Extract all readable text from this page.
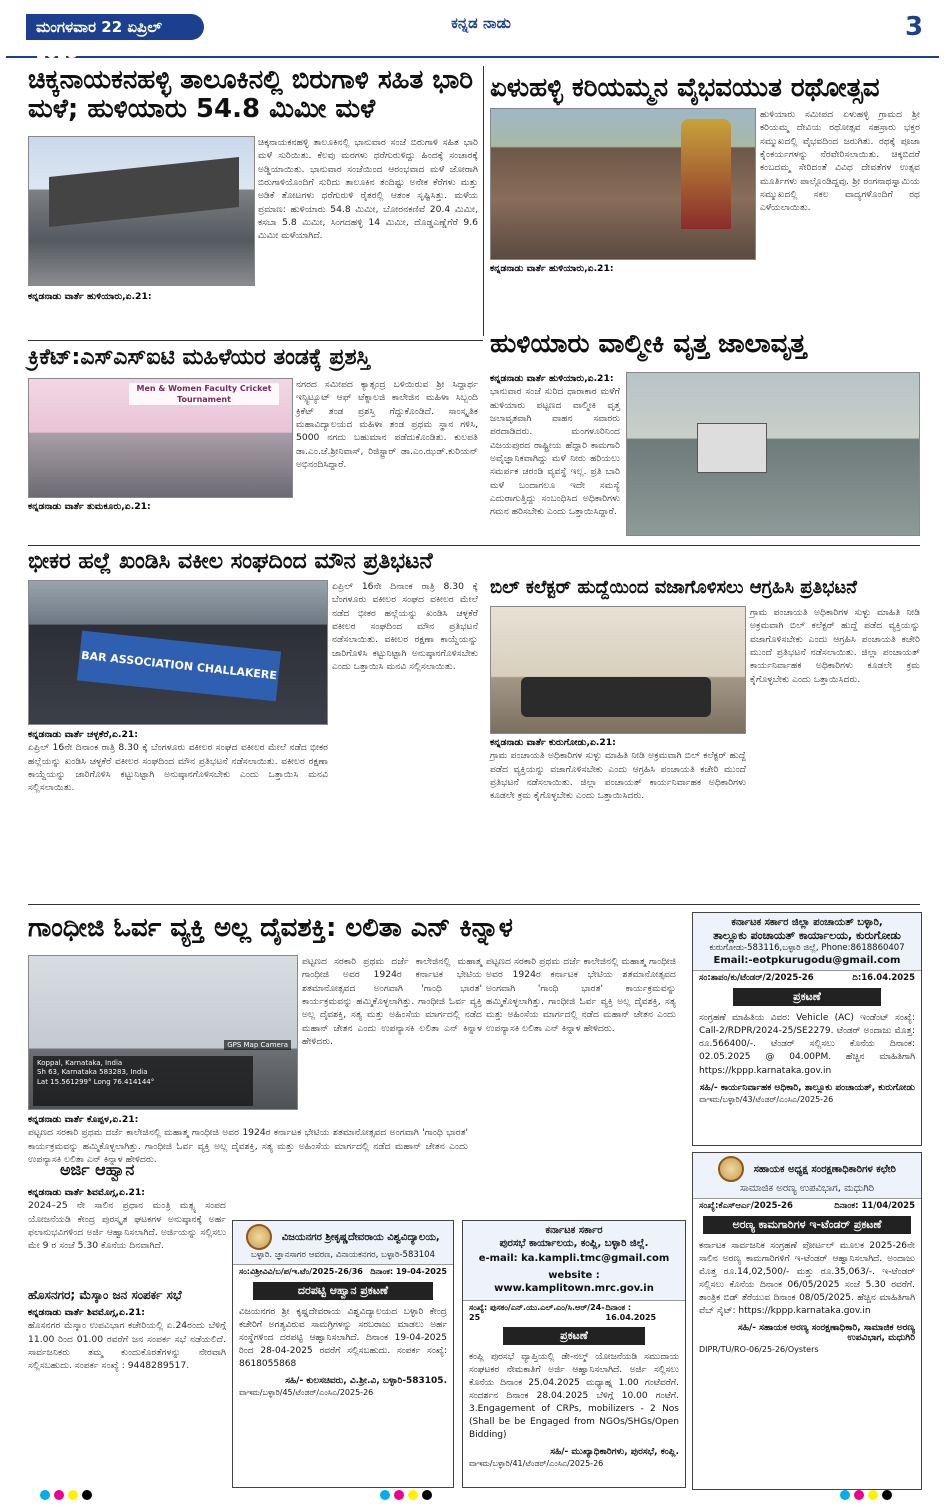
ಮಂಗಳವಾರ 22 ಏಪ್ರಿಲ್ 2025
ಕನ್ನಡ ನಾಡು	3
ಚಿಕ್ಕನಾಯಕನಹಳ್ಳಿ ತಾಲೂಕಿನಲ್ಲಿ ಬಿರುಗಾಳಿ ಸಹಿತ ಭಾರಿ ಮಳೆ; ಹುಳಿಯಾರು 54.8 ಮಿಮೀ ಮಳೆ
ಕನ್ನಡನಾಡು ವಾರ್ತೆ ಹುಳಿಯಾರು,ಏ.21:
ಚಿಕ್ಕನಾಯಕನಹಳ್ಳಿ ತಾಲೂಕಿನಲ್ಲಿ ಭಾನುವಾರ ಸಂಜೆ ಬಿರುಗಾಳಿ ಸಹಿತ ಭಾರಿ ಮಳೆ ಸುರಿಯಿತು. ಕೆಲವು ಮರಗಳು ಧರೆಗುರುಳಿದ್ದು ಹಿಂದಕ್ಕೆ ಸಂಚಾರಕ್ಕೆ ಅಡ್ಡಿಯಾಯಿತು. ಭಾನುವಾರ ಸಂಜೆಯಿಂದ ಆರಂಭವಾದ ಮಳೆ ಜೋರಾಗಿ ಬಿರುಗಾಳಿಯೊಂದಿಗೆ ಸುರಿದು ತಾಲೂಕಿನ ತಂದಿಷ್ಟು ಅನೇಕ ಕೆರೆಗಳು ಮತ್ತು ಅಡಿಕೆ ತೋಟಗಳು ಧರೆಗುರುಳಿ ರೈತರಲ್ಲಿ ಆತಂಕ ಸೃಷ್ಟಿಸಿತ್ತು. ಮಳೆಯ ಪ್ರಮಾಣ: ಹುಳಿಯಾರು 54.8 ಮಿಮೀ, ಬೋರನಕಣಿವೆ 20.4 ಮಿಮೀ, ಕಸಬಾ 5.8 ಮಿಮೀ, ಸಿಂಗದಹಳ್ಳಿ 14 ಮಿಮೀ, ದೊಡ್ಡಎಣ್ಣೆಗೆರೆ 9.6 ಮಿಮೀ ಮಳೆಯಾಗಿದೆ.
ಏಳುಹಳ್ಳಿ ಕರಿಯಮ್ಮನ ವೈಭವಯುತ ರಥೋತ್ಸವ
ಹುಳಿಯಾರು ಸಮೀಪದ ಏಳುಹಳ್ಳಿ ಗ್ರಾಮದ ಶ್ರೀ ಕರಿಯಮ್ಮ ದೇವಿಯ ರಥೋತ್ಸವ ಸಹಸ್ರಾರು ಭಕ್ತರ ಸಮ್ಮುಖದಲ್ಲಿ ವೈಭವದಿಂದ ಜರುಗಿತು. ರಥಕ್ಕೆ ಪೂಜಾ ಕೈಂಕರ್ಯಗಳನ್ನು ನೆರವೇರಿಸಲಾಯಿತು. ಚಿಕ್ಕಬಿದರೆ ಕಂಬದಮ್ಮ ಸೇರಿದಂತೆ ವಿವಿಧ ದೇವತೆಗಳ ಉತ್ಸವ ಮೂರ್ತಿಗಳು ಪಾಲ್ಗೊಂಡಿದ್ದವು. ಶ್ರೀ ರಂಗನಾಥಸ್ವಾಮಿಯ ಸಮ್ಮುಖದಲ್ಲಿ ಸಕಲ ವಾದ್ಯಗಳೊಂದಿಗೆ ರಥ ಎಳೆಯಲಾಯಿತು.
ಕನ್ನಡನಾಡು ವಾರ್ತೆ ಹುಳಿಯಾರು,ಏ.21:
ಕ್ರಿಕೆಟ್:ಎಸ್ಎಸ್ಐಟಿ ಮಹಿಳೆಯರ ತಂಡಕ್ಕೆ ಪ್ರಶಸ್ತಿ
Men & Women Faculty Cricket Tournament
ಕನ್ನಡನಾಡು ವಾರ್ತೆ ತುಮಕೂರು,ಏ.21:
ನಗರದ ಸಮೀಪದ ಕ್ಯಾತ್ಸಂದ್ರ ಬಳಿಯಿರುವ ಶ್ರೀ ಸಿದ್ದಾರ್ಥ ಇನ್ಸ್ಟಿಟ್ಯೂಟ್ ಆಫ್ ಟೆಕ್ನಾಲಜಿ ಕಾಲೇಜಿನ ಮಹಿಳಾ ಸಿಬ್ಬಂದಿ ಕ್ರಿಕೆಟ್ ತಂಡ ಪ್ರಶಸ್ತಿ ಗೆದ್ದುಕೊಂಡಿದೆ. ಸಾಂಸ್ಕೃತಿಕ ಮಹಾವಿದ್ಯಾಲಯದ ಮಹಿಳಾ ತಂಡ ಪ್ರಥಮ ಸ್ಥಾನ ಗಳಿಸಿ, 5000 ನಗದು ಬಹುಮಾನ ಪಡೆದುಕೊಂಡಿತು. ಕುಲಪತಿ ಡಾ.ಎಂ.ಜೆ.ಶ್ರೀನಿವಾಸ್, ರಿಜಿಸ್ಟ್ರಾರ್ ಡಾ.ಎಂ.ಝಡ್.ಕುರಿಯನ್ ಅಭಿನಂದಿಸಿದ್ದಾರೆ.
ಹುಳಿಯಾರು ವಾಲ್ಮೀಕಿ ವೃತ್ತ ಜಾಲಾವೃತ್ತ
ಕನ್ನಡನಾಡು ವಾರ್ತೆ ಹುಳಿಯಾರು,ಏ.21:
ಭಾನುವಾರ ಸಂಜೆ ಸುರಿದ ಧಾರಾಕಾರ ಮಳೆಗೆ ಹುಳಿಯಾರು ಪಟ್ಟಣದ ವಾಲ್ಮೀಕಿ ವೃತ್ತ ಜಲಾವೃತವಾಗಿ ವಾಹನ ಸವಾರರು ಪರದಾಡಿದರು. ಮಂಗಳೂರಿನಿಂದ ವಿಜಯಪುರದ ರಾಷ್ಟ್ರೀಯ ಹೆದ್ದಾರಿ ಕಾಮಗಾರಿ ಅವೈಜ್ಞಾನಿಕವಾಗಿದ್ದು ಮಳೆ ನೀರು ಹರಿಯಲು ಸಮರ್ಪಕ ಚರಂಡಿ ವ್ಯವಸ್ಥೆ ಇಲ್ಲ. ಪ್ರತಿ ಬಾರಿ ಮಳೆ ಬಂದಾಗಲೂ ಇದೇ ಸಮಸ್ಯೆ ಎದುರಾಗುತ್ತಿದ್ದು ಸಂಬಂಧಿಸಿದ ಅಧಿಕಾರಿಗಳು ಗಮನ ಹರಿಸಬೇಕು ಎಂದು ಒತ್ತಾಯಿಸಿದ್ದಾರೆ.
ಭೀಕರ ಹಲ್ಲೆ ಖಂಡಿಸಿ ವಕೀಲ ಸಂಘದಿಂದ ಮೌನ ಪ್ರತಿಭಟನೆ
BAR ASSOCIATION CHALLAKERE
ಕನ್ನಡನಾಡು ವಾರ್ತೆ ಚಳ್ಳಕೆರೆ,ಏ.21:
ಏಪ್ರಿಲ್ 16ನೇ ದಿನಾಂಕ ರಾತ್ರಿ 8.30 ಕ್ಕೆ ಬೆಂಗಳೂರು ವಕೀಲರ ಸಂಘದ ವಕೀಲರ ಮೇಲೆ ನಡೆದ ಭೀಕರ ಹಲ್ಲೆಯನ್ನು ಖಂಡಿಸಿ ಚಳ್ಳಕೆರೆ ವಕೀಲರ ಸಂಘದಿಂದ ಮೌನ ಪ್ರತಿಭಟನೆ ನಡೆಸಲಾಯಿತು. ವಕೀಲರ ರಕ್ಷಣಾ ಕಾಯ್ದೆಯನ್ನು ಜಾರಿಗೊಳಿಸಿ ಕಟ್ಟುನಿಟ್ಟಾಗಿ ಅನುಷ್ಠಾನಗೊಳಿಸಬೇಕು ಎಂದು ಒತ್ತಾಯಿಸಿ ಮನವಿ ಸಲ್ಲಿಸಲಾಯಿತು.
ಏಪ್ರಿಲ್ 16ನೇ ದಿನಾಂಕ ರಾತ್ರಿ 8.30 ಕ್ಕೆ ಬೆಂಗಳೂರು ವಕೀಲರ ಸಂಘದ ವಕೀಲರ ಮೇಲೆ ನಡೆದ ಭೀಕರ ಹಲ್ಲೆಯನ್ನು ಖಂಡಿಸಿ ಚಳ್ಳಕೆರೆ ವಕೀಲರ ಸಂಘದಿಂದ ಮೌನ ಪ್ರತಿಭಟನೆ ನಡೆಸಲಾಯಿತು. ವಕೀಲರ ರಕ್ಷಣಾ ಕಾಯ್ದೆಯನ್ನು ಜಾರಿಗೊಳಿಸಿ ಕಟ್ಟುನಿಟ್ಟಾಗಿ ಅನುಷ್ಠಾನಗೊಳಿಸಬೇಕು ಎಂದು ಒತ್ತಾಯಿಸಿ ಮನವಿ ಸಲ್ಲಿಸಲಾಯಿತು.
ಬಿಲ್ ಕಲೆಕ್ಟರ್ ಹುದ್ದೆಯಿಂದ ವಜಾಗೊಳಿಸಲು ಆಗ್ರಹಿಸಿ ಪ್ರತಿಭಟನೆ
ಕನ್ನಡನಾಡು ವಾರ್ತೆ ಕುರುಗೋಡು,ಏ.21:
ಗ್ರಾಮ ಪಂಚಾಯತಿ ಅಧಿಕಾರಿಗಳ ಸುಳ್ಳು ಮಾಹಿತಿ ನೀಡಿ ಅಕ್ರಮವಾಗಿ ಬಿಲ್ ಕಲೆಕ್ಟರ್ ಹುದ್ದೆ ಪಡೆದ ವ್ಯಕ್ತಿಯನ್ನು ವಜಾಗೊಳಿಸಬೇಕು ಎಂದು ಆಗ್ರಹಿಸಿ ಪಂಚಾಯತಿ ಕಚೇರಿ ಮುಂದೆ ಪ್ರತಿಭಟನೆ ನಡೆಸಲಾಯಿತು. ಜಿಲ್ಲಾ ಪಂಚಾಯತ್ ಕಾರ್ಯನಿರ್ವಾಹಕ ಅಧಿಕಾರಿಗಳು ಕೂಡಲೇ ಕ್ರಮ ಕೈಗೊಳ್ಳಬೇಕು ಎಂದು ಒತ್ತಾಯಿಸಿದರು.
ಗ್ರಾಮ ಪಂಚಾಯತಿ ಅಧಿಕಾರಿಗಳ ಸುಳ್ಳು ಮಾಹಿತಿ ನೀಡಿ ಅಕ್ರಮವಾಗಿ ಬಿಲ್ ಕಲೆಕ್ಟರ್ ಹುದ್ದೆ ಪಡೆದ ವ್ಯಕ್ತಿಯನ್ನು ವಜಾಗೊಳಿಸಬೇಕು ಎಂದು ಆಗ್ರಹಿಸಿ ಪಂಚಾಯತಿ ಕಚೇರಿ ಮುಂದೆ ಪ್ರತಿಭಟನೆ ನಡೆಸಲಾಯಿತು. ಜಿಲ್ಲಾ ಪಂಚಾಯತ್ ಕಾರ್ಯನಿರ್ವಾಹಕ ಅಧಿಕಾರಿಗಳು ಕೂಡಲೇ ಕ್ರಮ ಕೈಗೊಳ್ಳಬೇಕು ಎಂದು ಒತ್ತಾಯಿಸಿದರು.
ಗಾಂಧೀಜಿ ಓರ್ವ ವ್ಯಕ್ತಿ ಅಲ್ಲ ದೈವಶಕ್ತಿ: ಲಲಿತಾ ಎನ್ ಕಿನ್ನಾಳ
Koppal, Karnataka, India
Sh 63, Karnataka 583283, India
Lat 15.561299° Long 76.414144°
GPS Map Camera
ಕನ್ನಡನಾಡು ವಾರ್ತೆ ಕೊಪ್ಪಳ,ಏ.21:
ಪಟ್ಟಣದ ಸರಕಾರಿ ಪ್ರಥಮ ದರ್ಜೆ ಕಾಲೇಜಿನಲ್ಲಿ ಮಹಾತ್ಮ ಗಾಂಧೀಜಿ ಅವರ 1924ರ ಕರ್ನಾಟಕ ಭೇಟಿಯ ಶತಮಾನೋತ್ಸವದ ಅಂಗವಾಗಿ 'ಗಾಂಧಿ ಭಾರತ' ಕಾರ್ಯಕ್ರಮವನ್ನು ಹಮ್ಮಿಕೊಳ್ಳಲಾಗಿತ್ತು. ಗಾಂಧೀಜಿ ಓರ್ವ ವ್ಯಕ್ತಿ ಅಲ್ಲ ದೈವಶಕ್ತಿ, ಸತ್ಯ ಮತ್ತು ಅಹಿಂಸೆಯ ಮಾರ್ಗದಲ್ಲಿ ನಡೆದ ಮಹಾನ್ ಚೇತನ ಎಂದು ಉಪನ್ಯಾಸಕಿ ಲಲಿತಾ ಎನ್ ಕಿನ್ನಾಳ ಹೇಳಿದರು.
ಪಟ್ಟಣದ ಸರಕಾರಿ ಪ್ರಥಮ ದರ್ಜೆ ಕಾಲೇಜಿನಲ್ಲಿ ಮಹಾತ್ಮ ಗಾಂಧೀಜಿ ಅವರ 1924ರ ಕರ್ನಾಟಕ ಭೇಟಿಯ ಶತಮಾನೋತ್ಸವದ ಅಂಗವಾಗಿ 'ಗಾಂಧಿ ಭಾರತ' ಕಾರ್ಯಕ್ರಮವನ್ನು ಹಮ್ಮಿಕೊಳ್ಳಲಾಗಿತ್ತು. ಗಾಂಧೀಜಿ ಓರ್ವ ವ್ಯಕ್ತಿ ಅಲ್ಲ ದೈವಶಕ್ತಿ, ಸತ್ಯ ಮತ್ತು ಅಹಿಂಸೆಯ ಮಾರ್ಗದಲ್ಲಿ ನಡೆದ ಮಹಾನ್ ಚೇತನ ಎಂದು ಉಪನ್ಯಾಸಕಿ ಲಲಿತಾ ಎನ್ ಕಿನ್ನಾಳ ಹೇಳಿದರು.
ಪಟ್ಟಣದ ಸರಕಾರಿ ಪ್ರಥಮ ದರ್ಜೆ ಕಾಲೇಜಿನಲ್ಲಿ ಮಹಾತ್ಮ ಗಾಂಧೀಜಿ ಅವರ 1924ರ ಕರ್ನಾಟಕ ಭೇಟಿಯ ಶತಮಾನೋತ್ಸವದ ಅಂಗವಾಗಿ 'ಗಾಂಧಿ ಭಾರತ' ಕಾರ್ಯಕ್ರಮವನ್ನು ಹಮ್ಮಿಕೊಳ್ಳಲಾಗಿತ್ತು. ಗಾಂಧೀಜಿ ಓರ್ವ ವ್ಯಕ್ತಿ ಅಲ್ಲ ದೈವಶಕ್ತಿ, ಸತ್ಯ ಮತ್ತು ಅಹಿಂಸೆಯ ಮಾರ್ಗದಲ್ಲಿ ನಡೆದ ಮಹಾನ್ ಚೇತನ ಎಂದು ಉಪನ್ಯಾಸಕಿ ಲಲಿತಾ ಎನ್ ಕಿನ್ನಾಳ ಹೇಳಿದರು.
ಅರ್ಜಿ ಆಹ್ವಾನ
ಕನ್ನಡನಾಡು ವಾರ್ತೆ ಶಿವಮೊಗ್ಗ,ಏ.21:
2024–25 ನೇ ಸಾಲಿನ ಪ್ರಧಾನ ಮಂತ್ರಿ ಮತ್ಸ್ಯ ಸಂಪದ ಯೋಜನೆಯಡಿ ಕೇಂದ್ರ ಪುರಸ್ಕೃತ ಘಟಕಗಳ ಅನುಷ್ಠಾನಕ್ಕೆ ಅರ್ಹ ಫಲಾನುಭವಿಗಳಿಂದ ಅರ್ಜಿ ಆಹ್ವಾನಿಸಲಾಗಿದೆ. ಅರ್ಜಿಯನ್ನು ಸಲ್ಲಿಸಲು ಮೇ 9 ರ ಸಂಜೆ 5.30 ಕೊನೆಯ ದಿನವಾಗಿದೆ.
ಹೊಸನಗರ; ಮೆಸ್ಕಾಂ ಜನ ಸಂಪರ್ಕ ಸಭೆ
ಕನ್ನಡನಾಡು ವಾರ್ತೆ ಶಿವಮೊಗ್ಗ,ಏ.21:
ಹೊಸನಗರ ಮೆಸ್ಕಾಂ ಉಪವಿಭಾಗ ಕಚೇರಿಯಲ್ಲಿ ಏ.24ರಂದು ಬೆಳಿಗ್ಗೆ 11.00 ರಿಂದ 01.00 ರವರೆಗೆ ಜನ ಸಂಪರ್ಕ ಸಭೆ ನಡೆಯಲಿದೆ. ಸಾರ್ವಜನಿಕರು ತಮ್ಮ ಕುಂದುಕೊರತೆಗಳನ್ನು ನೇರವಾಗಿ ಸಲ್ಲಿಸಬಹುದು. ಸಂಪರ್ಕ ಸಂಖ್ಯೆ : 9448289517.
ಕರ್ನಾಟಕ ಸರ್ಕಾರ ಜಿಲ್ಲಾ ಪಂಚಾಯತ್ ಬಳ್ಳಾರಿ,
ತಾಲ್ಲೂಕು ಪಂಚಾಯತ್ ಕಾರ್ಯಾಲಯ, ಕುರುಗೋಡು
ಕುರುಗೋಡು-583116,ಬಳ್ಳಾರಿ ಜಿಲ್ಲೆ, Phone:8618860407
Email:-eotpkurugodu@gmail.com
ಸಂ:ತಾಪಂ/ಕು/ಟೆಂಡರ್/2/2025-26	ದಿ:16.04.2025
ಪ್ರಕಟಣೆ
ಸಂಗ್ರಹಣೆ ಮಾಹಿತಿಯ ವಿವರ: Vehicle (AC) ಇಂಡೆಂಟ್ ಸಂಖ್ಯೆ: Call-2/RDPR/2024-25/SE2279. ಟೆಂಡರ್ ಅಂದಾಜು ಮೊತ್ತ: ರೂ.566400/-. ಟೆಂಡರ್ ಸಲ್ಲಿಸಲು ಕೊನೆಯ ದಿನಾಂಕ: 02.05.2025 @ 04.00PM. ಹೆಚ್ಚಿನ ಮಾಹಿತಿಗಾಗಿ https://kppp.karnataka.gov.in
ಸಹಿ/- ಕಾರ್ಯನಿರ್ವಾಹಕ ಅಧಿಕಾರಿ, ತಾಲ್ಲೂಕು ಪಂಚಾಯತ್, ಕುರುಗೋಡು
ವಾಇಮ/ಬಳ್ಳಾರಿ/43/ಟೆಂಡರ್/ಎಂಸಿಎ/2025-26
ಸಹಾಯಕ ಅಧ್ಯಕ್ಷ ಸಂರಕ್ಷಣಾಧಿಕಾರಿಗಳ ಕಛೇರಿ
ಸಾಮಾಜಿಕ ಅರಣ್ಯ ಉಪವಿಭಾಗ, ಮಧುಗಿರಿ
ಸಂಖ್ಯೆ:ಕೆಎಸ್ಆರ್ಎ/2025-26	ದಿನಾಂಕ: 11/04/2025
ಅರಣ್ಯ ಕಾಮಗಾರಿಗಳ ಇ-ಟೆಂಡರ್ ಪ್ರಕಟಣೆ
ಕರ್ನಾಟಕ ಸಾರ್ವಜನಿಕ ಸಂಗ್ರಹಣೆ ಪೋರ್ಟಲ್ ಮೂಲಕ 2025-26ನೇ ಸಾಲಿನ ಅರಣ್ಯ ಕಾಮಗಾರಿಗಳಿಗೆ ಇ-ಟೆಂಡರ್ ಆಹ್ವಾನಿಸಲಾಗಿದೆ. ಅಂದಾಜು ಮೊತ್ತ ರೂ.14,02,500/- ಮತ್ತು ರೂ.35,063/-. ಇ-ಟೆಂಡರ್ ಸಲ್ಲಿಸಲು ಕೊನೆಯ ದಿನಾಂಕ 06/05/2025 ಸಂಜೆ 5.30 ರವರೆಗೆ. ತಾಂತ್ರಿಕ ಬಿಡ್ ತೆರೆಯುವ ದಿನಾಂಕ 08/05/2025. ಹೆಚ್ಚಿನ ಮಾಹಿತಿಗಾಗಿ ವೆಬ್ ಸೈಟ್: https://kppp.karnataka.gov.in
ಸಹಿ/- ಸಹಾಯಕ ಅರಣ್ಯ ಸಂರಕ್ಷಣಾಧಿಕಾರಿ, ಸಾಮಾಜಿಕ ಅರಣ್ಯ ಉಪವಿಭಾಗ, ಮಧುಗಿರಿ
DIPR/TU/RO-06/25-26/Oysters
ವಿಜಯನಗರ ಶ್ರೀಕೃಷ್ಣದೇವರಾಯ ವಿಶ್ವವಿದ್ಯಾಲಯ,
ಬಳ್ಳಾರಿ. ಜ್ಞಾನಸಾಗರ ಆವರಣ, ವಿನಾಯಕನಗರ, ಬಳ್ಳಾರಿ-583104
ಸಂ:ವಿಶ್ರೀವಿವಿ/ಬ/ಪ/ಇ.ಟೆಂ/2025-26/36 ದಿನಾಂಕ: 19-04-2025
ದರಪಟ್ಟಿ ಆಹ್ವಾನ ಪ್ರಕಟಣೆ
ವಿಜಯನಗರ ಶ್ರೀ ಕೃಷ್ಣದೇವರಾಯ ವಿಶ್ವವಿದ್ಯಾಲಯದ ಬಳ್ಳಾರಿ ಕೇಂದ್ರ ಕಚೇರಿಗೆ ಅಗತ್ಯವಿರುವ ಸಾಮಗ್ರಿಗಳನ್ನು ಸರಬರಾಜು ಮಾಡಲು ಅರ್ಹ ಸಂಸ್ಥೆಗಳಿಂದ ದರಪಟ್ಟಿ ಆಹ್ವಾನಿಸಲಾಗಿದೆ. ದಿನಾಂಕ 19-04-2025 ರಿಂದ 28-04-2025 ರವರೆಗೆ ಸಲ್ಲಿಸಬಹುದು. ಸಂಪರ್ಕ ಸಂಖ್ಯೆ: 8618055868
ಸಹಿ/- ಕುಲಸಚಿವರು, ವಿ.ಶ್ರೀ.ವಿ, ಬಳ್ಳಾರಿ-583105.
ವಾಇಮ/ಬಳ್ಳಾರಿ/45/ಟೆಂಡರ್/ಎಂಸಿಎ/2025-26
ಕರ್ನಾಟಕ ಸರ್ಕಾರ
ಪುರಸಭೆ ಕಾರ್ಯಾಲಯ, ಕಂಪ್ಲಿ, ಬಳ್ಳಾರಿ ಜಿಲ್ಲೆ.
e-mail: ka.kampli.tmc@gmail.com
website : www.kamplitown.mrc.gov.in
ಸಂಖ್ಯೆ: ಪುಸಕಂ/ಎನ್.ಯು.ಎಲ್.ಎಂ/ಸಿ.ಆರ್/24-25
ದಿನಾಂಕ : 16.04.2025
ಪ್ರಕಟಣೆ
ಕಂಪ್ಲಿ ಪುರಸಭೆ ವ್ಯಾಪ್ತಿಯಲ್ಲಿ ಡೇ-ನಲ್ಮ್ ಯೋಜನೆಯಡಿ ಸಮುದಾಯ ಸಂಘಟಕರ ನೇಮಕಾತಿಗೆ ಅರ್ಜಿ ಆಹ್ವಾನಿಸಲಾಗಿದೆ. ಅರ್ಜಿ ಸಲ್ಲಿಸಲು ಕೊನೆಯ ದಿನಾಂಕ 25.04.2025 ಮಧ್ಯಾಹ್ನ 1.00 ಗಂಟೆವರೆಗೆ. ಸಂದರ್ಶನ ದಿನಾಂಕ 28.04.2025 ಬೆಳಿಗ್ಗೆ 10.00 ಗಂಟೆಗೆ. 3.Engagement of CRPs, mobilizers - 2 Nos (Shall be be Engaged from NGOs/SHGs/Open Bidding)
ಸಹಿ/- ಮುಖ್ಯಾಧಿಕಾರಿಗಳು, ಪುರಸಭೆ, ಕಂಪ್ಲಿ.
ವಾಇಮ/ಬಳ್ಳಾರಿ/41/ಟೆಂಡರ್/ಎಂಸಿಎ/2025-26
